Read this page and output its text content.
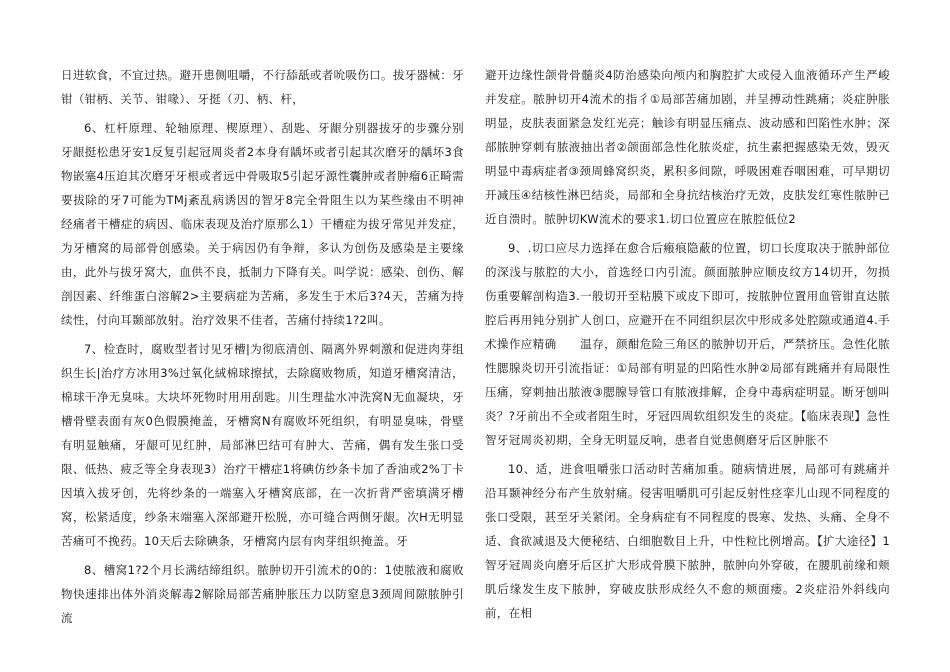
日进软食，不宜过热。避开患侧咀嚼，不行舔舐或者吮吸伤口。拔牙器械：牙钳（钳柄、关节、钳喙）、牙挺（刃、柄、杆，

6、杠杆原理、轮轴原理、楔原理）、刮匙、牙龈分别器拔牙的步骤分别牙龈挺松患牙安1反复引起冠周炎者2本身有龋坏或者引起其次磨牙的龋坏3食物嵌塞4压迫其次磨牙牙根或者远中骨吸取5引起牙源性囊肿或者肿瘤6正畸需要拔除的牙7可能为TMj紊乱病诱因的智牙8完全骨阻生以为某些缘由不明神经痛者干槽症的病因、临床表现及治疗原那么1）干槽症为拔牙常见并发症，为牙槽窝的局部骨创感染。关于病因仍有争辩，多认为创伤及感染是主要缘由，此外与拔牙窝大，血供不良，抵制力下降有关。叫学说：感染、创伤、解剖因素、纤维蛋白溶解2>主要病症为苦痛，多发生于术后3?4天，苦痛为持续性，付向耳颞部放射。治疗效果不佳者，苦痛付持续1?2叫。

7、检查时，腐败型者讨见牙槽|为彻底清创、隔离外界刺激和促进肉芽组织生长|治疗方冰用3%过氧化絨棉球擦拭，去除腐败物质，知道牙槽窝清洁，棉球干净无臭味。大块坏死物时用用刮匙。川生理盐水冲洗窝N无血凝块，牙槽骨壁表面有灰0色假膜掩盖，牙槽窝N有腐败坏死组织，有明显臭味，骨壁有明显触痛，牙龈可见红肿，局部淋巴结可有肿大、苦痛，偶有发生张口受限、低热、疲乏等全身表现3）治疗干槽症1将碘仿纱条卡加了香油或2%丁卡因填入拔牙创，先将纱条的一端塞入牙槽窝底部，在一次折背严密填满牙槽窝，松紧适度，纱条末端塞入深部避开松脱，亦可缝合两侧牙龈。次H无明显苦痛可不挽药。10天后去除碘条，牙槽窝内层有肉芽组织掩盖。牙

8、槽窝1?2个月长满结缔组织。脓肿切开引流术的0的：1使脓液和腐败物快速排出体外消炎解毒2解除局部苦痛肿胀压力以防窒息3颈周间隙脓肿引流

避开边缘性颌骨骨髓炎4防治感染向颅内和胸腔扩大或侵入血液循环产生严峻并发症。脓肿切开4流术的指彳①局部苦痛加剧，并呈搏动性跳痛；炎症肿胀明显，皮肤表面紧急发红光亮；触诊有明显压痛点、波动感和凹陷性水肿；深部脓肿穿刺有脓液抽出者②颌面部急性化脓炎症，抗生素把握感染无效，毁灭明显中毒病症者③颈周蜂窝织炎，累积多间隙，呼吸困难吞咽困难，可早期切开减压④结核性淋巴结炎，局部和全身抗结核治疗无效，皮肤发红寒性脓肿已近自溃时。脓肿切KW流术的要求1.切口位置应在脓腔低位2

9、.切口应尽力选择在愈合后瘢痕隐蔽的位置，切口长度取决于脓肿部位的深浅与脓腔的大小，首选经口内引流。颜面脓肿应顺皮纹方14切开，勿损伤重要解剖构造3.一般切开至粘膜下或皮下即可，按脓肿位置用血管钳直达脓腔后再用钝分别扩人创口，应避开在不同组织层次中形成多处腔隙或通道4.手术操作应精确　　温存，颜酣危险三角区的脓肿切开后，严禁挤压。急性化脓性腮腺炎切开引流指证：①局部有明显的凹陷性水肿②局部有跳痛并有局限性压痛，穿刺抽出脓液③腮腺导管口有脓液排解，企身中毒病症明显。断牙刨叫炎？?牙前出不全或者阻生时，牙冠四周软组织发生的炎症。【临床表现】急性智牙冠周炎初期，全身无明显反响，患者自觉患侧磨牙后区肿胀不

10、适，进食咀嚼张口活动时苦痛加重。随病情进展，局部可有跳痛并沿耳颞神经分布产生放射痛。侵害咀嚼肌可引起反射性痉挛儿山现不同程度的张口受限，甚至牙关紧闭。全身病症有不同程度的畏寒、发热、头痛、全身不适、食欲减退及大便秘结、白细胞数目上升，中性粒比例增高。【扩大途径】1智牙冠周炎向磨牙后区扩大形成骨膜下脓肿，脓肿向外穿破，在腰肌前缘和颊肌后缘发生皮下脓肿，穿破皮肤形成经久不愈的颊面瘘。2炎症沿外斜线向前，在相
